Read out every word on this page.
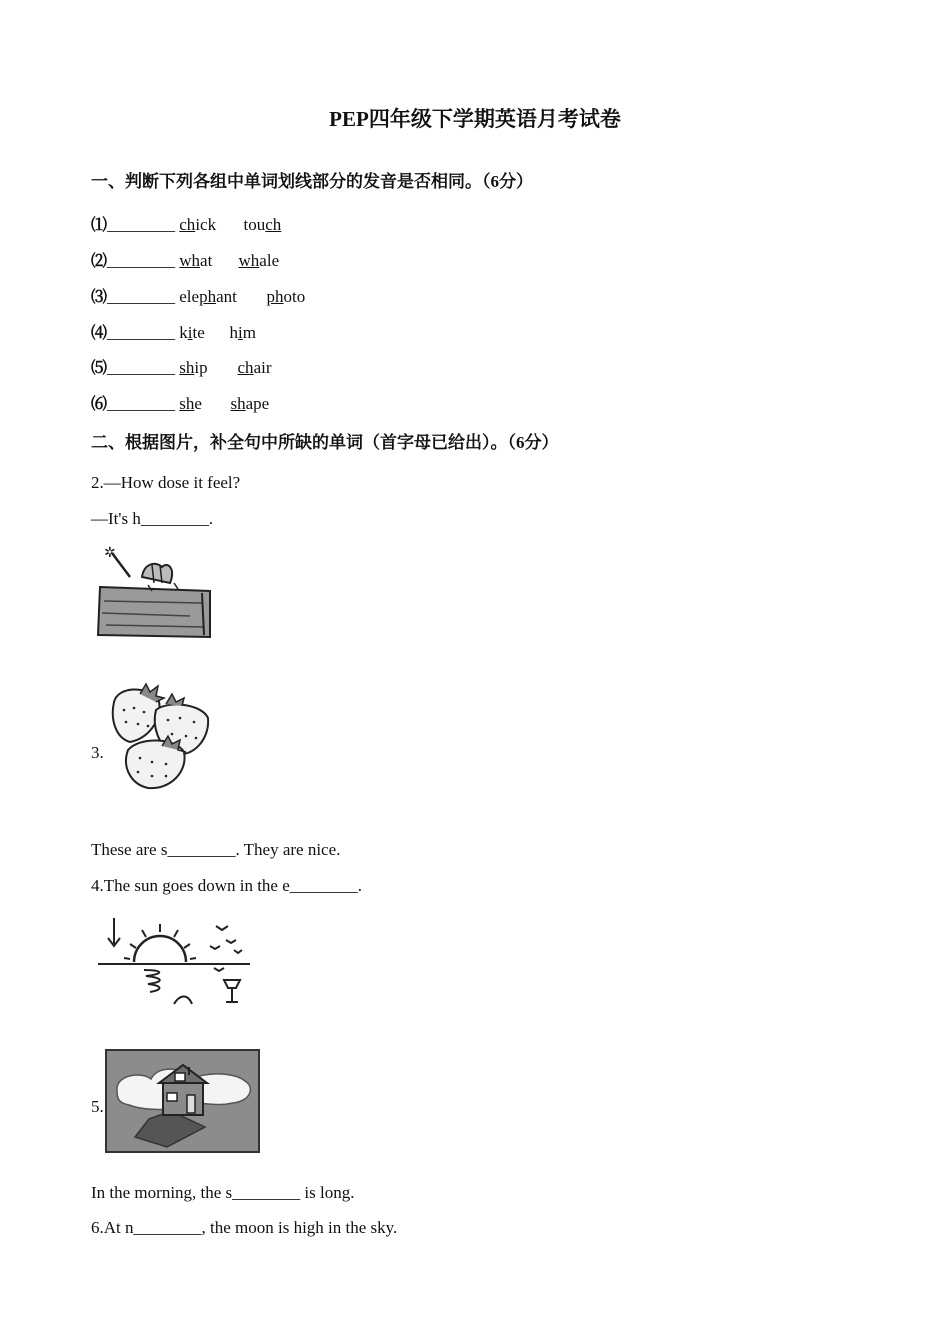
PEP四年级下学期英语月考试卷
一、判断下列各组中单词划线部分的发音是否相同。（6分）
⑴________ chick touch
⑵________ what whale
⑶________ elephant photo
⑷________ kite him
⑸________ ship chair
⑹________ she shape
二、根据图片，补全句中所缺的单词（首字母已给出）。（6分）
2.—How dose it feel?
—It's h________.
✲
3.
These are s________. They are nice.
4.The sun goes down in the e________.
5.
In the morning, the s________ is long.
6.At n________, the moon is high in the sky.
